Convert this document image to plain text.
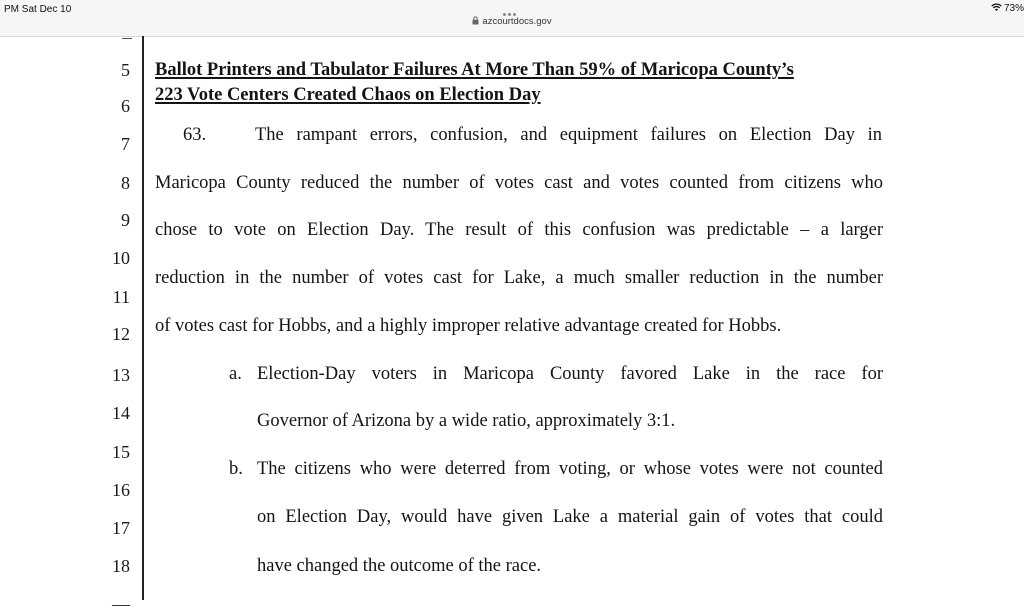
PM Sat Dec 10
azcourtdocs.gov
73%
5
6
7
8
9
10
11
12
13
14
15
16
17
18
––
Ballot Printers and Tabulator Failures At More Than 59% of Maricopa County’s
223 Vote Centers Created Chaos on Election Day
63.	The rampant errors, confusion, and equipment failures on Election Day in
Maricopa County reduced the number of votes cast and votes counted from citizens who
chose to vote on Election Day. The result of this confusion was predictable – a larger
reduction in the number of votes cast for Lake, a much smaller reduction in the number
of votes cast for Hobbs, and a highly improper relative advantage created for Hobbs.
a. Election-Day voters in Maricopa County favored Lake in the race for
Governor of Arizona by a wide ratio, approximately 3:1.
b. The citizens who were deterred from voting, or whose votes were not counted
on Election Day, would have given Lake a material gain of votes that could
have changed the outcome of the race.
